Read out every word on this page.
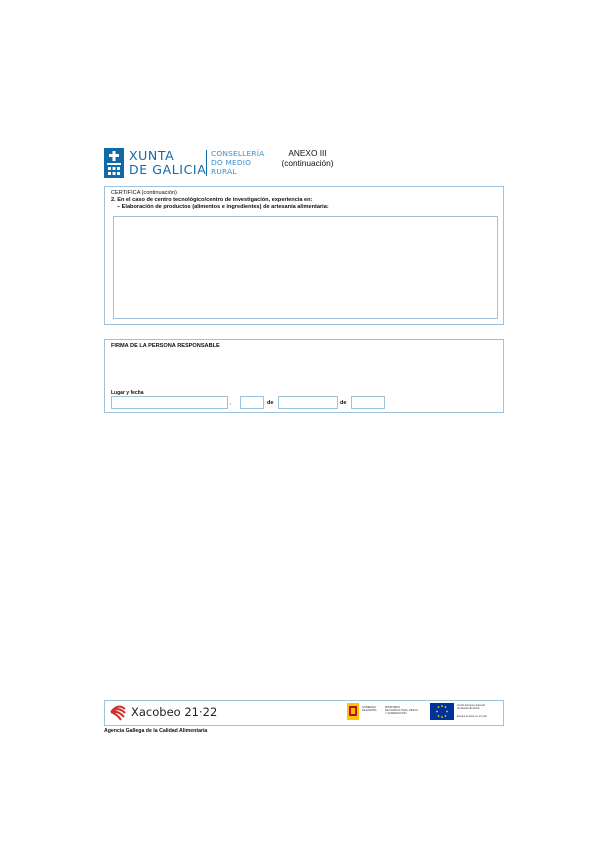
XUNTA
DE GALICIA
CONSELLERÍA
DO MEDIO
RURAL
ANEXO III
(continuación)
CERTIFICA (continuación)
2. En el caso de centro tecnológico/centro de investigación, experiencia en:
– Elaboración de productos (alimentos e ingredientes) de artesanía alimentaria:
FIRMA DE LA PERSONA RESPONSABLE
Lugar y fecha
,	de	de
Xacobeo 21·22	GOBIERNO
DE ESPAÑA
MINISTERIO
DE AGRICULTURA, PESCA
Y ALIMENTACIÓN
Fondo Europeo Agrícola
de Desarrollo Rural
Europa invierte en el rural
Agencia Gallega de la Calidad Alimentaria
